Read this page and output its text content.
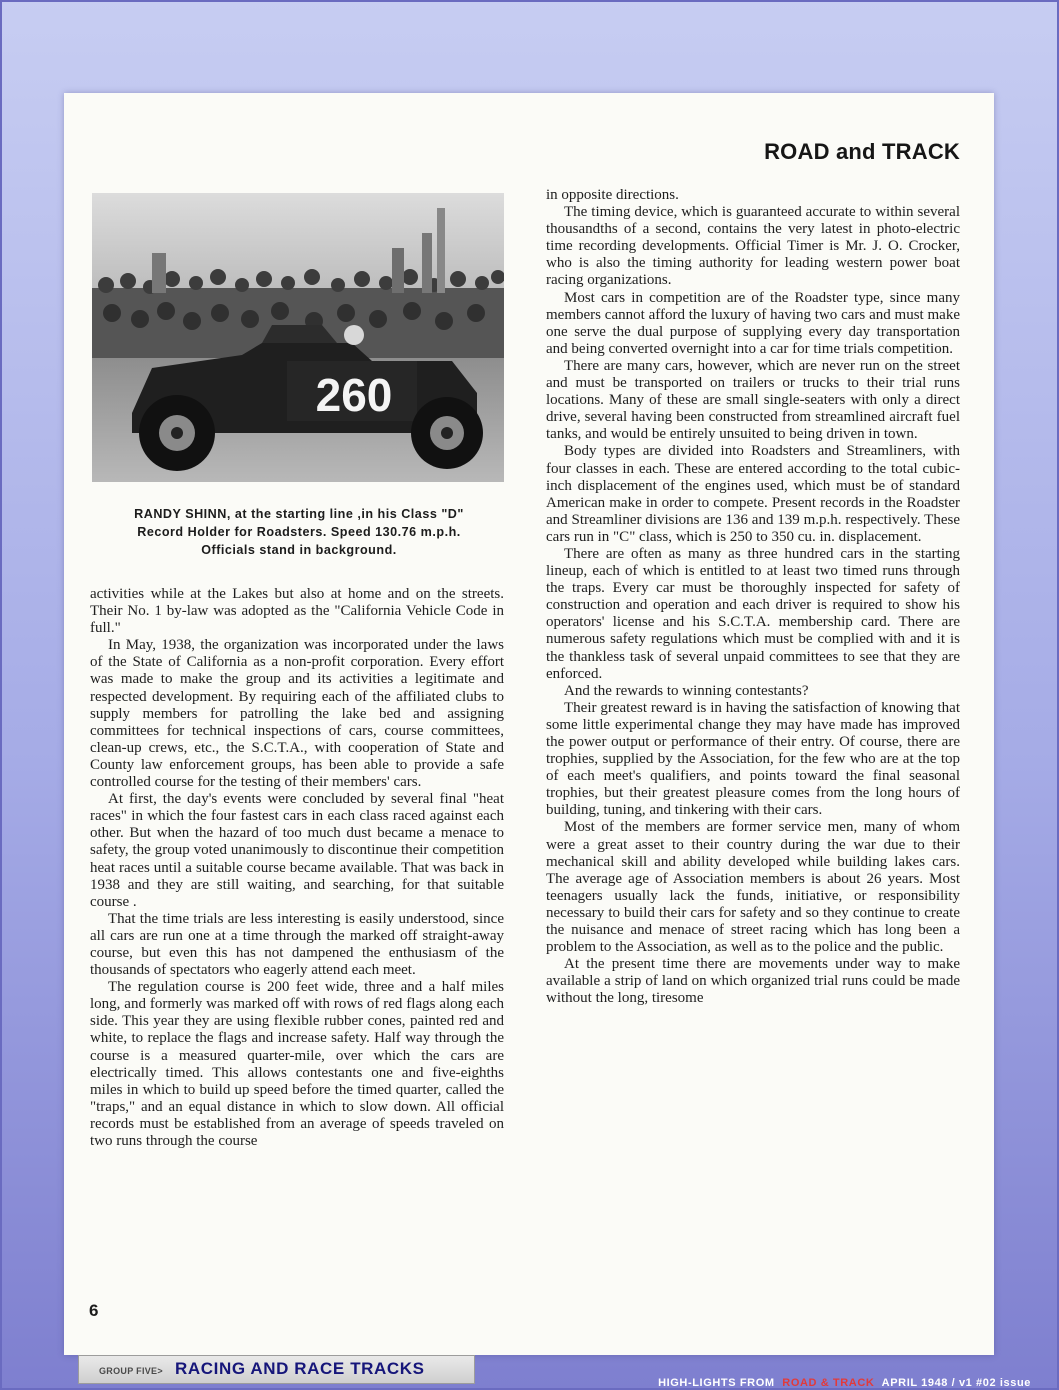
ROAD and TRACK
260
RANDY SHINN, at the starting line ,in his Class "D"
Record Holder for Roadsters. Speed 130.76 m.p.h.
Officials stand in background.

activities while at the Lakes but also at home and on the streets. Their No. 1 by-law was adopted as the "California Vehicle Code in full."

In May, 1938, the organization was incorporated under the laws of the State of California as a non-profit corporation. Every effort was made to make the group and its activities a legitimate and respected development. By requiring each of the affiliated clubs to supply members for patrolling the lake bed and assigning committees for technical inspections of cars, course committees, clean-up crews, etc., the S.C.T.A., with cooperation of State and County law enforcement groups, has been able to provide a safe controlled course for the testing of their members' cars.

At first, the day's events were concluded by several final "heat races" in which the four fastest cars in each class raced against each other. But when the hazard of too much dust became a menace to safety, the group voted unanimously to discontinue their competition heat races until a suitable course became available. That was back in 1938 and they are still waiting, and searching, for that suitable course .

That the time trials are less interesting is easily understood, since all cars are run one at a time through the marked off straight-away course, but even this has not dampened the enthusiasm of the thousands of spectators who eagerly attend each meet.

The regulation course is 200 feet wide, three and a half miles long, and formerly was marked off with rows of red flags along each side. This year they are using flexible rubber cones, painted red and white, to replace the flags and increase safety. Half way through the course is a measured quarter-mile, over which the cars are electrically timed. This allows contestants one and five-eighths miles in which to build up speed before the timed quarter, called the "traps," and an equal distance in which to slow down. All official records must be established from an average of speeds traveled on two runs through the course

in opposite directions.

The timing device, which is guaranteed accurate to within several thousandths of a second, contains the very latest in photo-electric time recording developments. Official Timer is Mr. J. O. Crocker, who is also the timing authority for leading western power boat racing organizations.

Most cars in competition are of the Roadster type, since many members cannot afford the luxury of having two cars and must make one serve the dual purpose of supplying every day transportation and being converted overnight into a car for time trials competition.

There are many cars, however, which are never run on the street and must be transported on trailers or trucks to their trial runs locations. Many of these are small single-seaters with only a direct drive, several having been constructed from streamlined aircraft fuel tanks, and would be entirely unsuited to being driven in town.

Body types are divided into Roadsters and Streamliners, with four classes in each. These are entered according to the total cubic-inch displacement of the engines used, which must be of standard American make in order to compete. Present records in the Roadster and Streamliner divisions are 136 and 139 m.p.h. respectively. These cars run in "C" class, which is 250 to 350 cu. in. displacement.

There are often as many as three hundred cars in the starting lineup, each of which is entitled to at least two timed runs through the traps. Every car must be thoroughly inspected for safety of construction and operation and each driver is required to show his operators' license and his S.C.T.A. membership card. There are numerous safety regulations which must be complied with and it is the thankless task of several unpaid committees to see that they are enforced.

And the rewards to winning contestants?

Their greatest reward is in having the satisfaction of knowing that some little experimental change they may have made has improved the power output or performance of their entry. Of course, there are trophies, supplied by the Association, for the few who are at the top of each meet's qualifiers, and points toward the final seasonal trophies, but their greatest pleasure comes from the long hours of building, tuning, and tinkering with their cars.

Most of the members are former service men, many of whom were a great asset to their country during the war due to their mechanical skill and ability developed while building lakes cars. The average age of Association members is about 26 years. Most teenagers usually lack the funds, initiative, or responsibility necessary to build their cars for safety and so they continue to create the nuisance and menace of street racing which has long been a problem to the Association, as well as to the police and the public.

At the present time there are movements under way to make available a strip of land on which organized trial runs could be made without the long, tiresome

6
GROUP FIVE> RACING AND RACE TRACKS
HIGH-LIGHTS FROM ROAD & TRACK APRIL 1948 / v1 #02 issue
